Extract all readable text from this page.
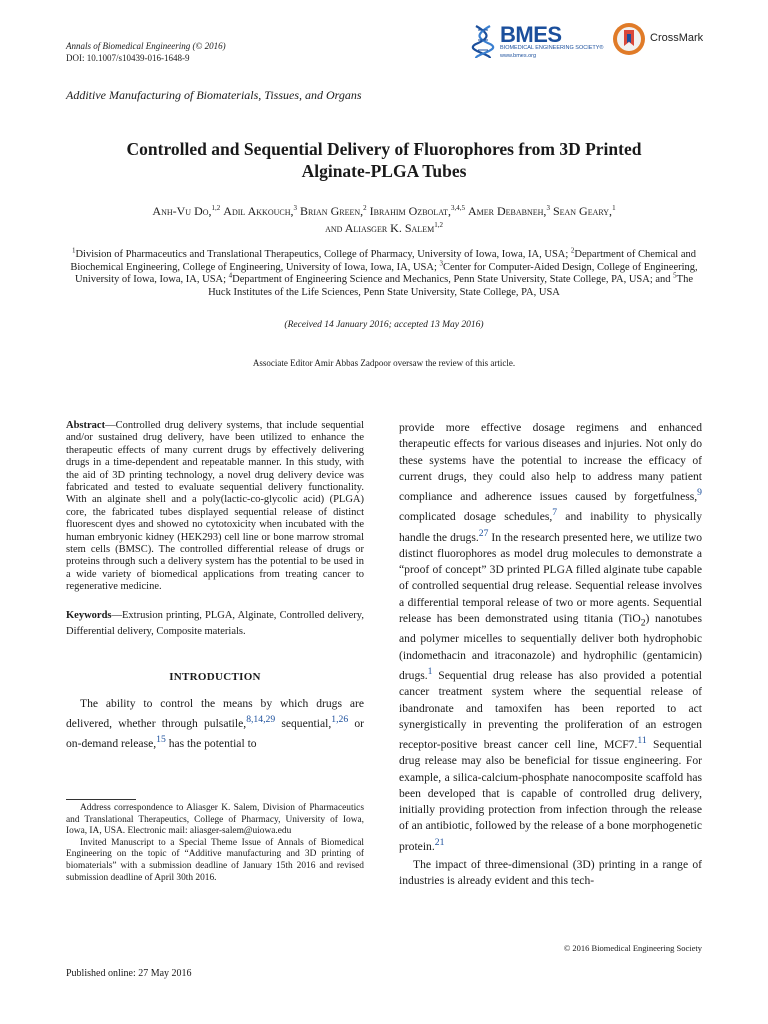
Annals of Biomedical Engineering (© 2016)
DOI: 10.1007/s10439-016-1648-9
BMES
BIOMEDICAL ENGINEERING SOCIETY®
www.bmes.org
CrossMark
Additive Manufacturing of Biomaterials, Tissues, and Organs
Controlled and Sequential Delivery of Fluorophores from 3D Printed
Alginate-PLGA Tubes
Anh-Vu Do,$^{1,2}$ Adil Akkouch,$^3$ Brian Green,$^2$ Ibrahim Ozbolat,$^{3,4,5}$ Amer Debabneh,$^3$ Sean Geary,$^1$
and Aliasger K. Salem$^{1,2}$
$^1$Division of Pharmaceutics and Translational Therapeutics, College of Pharmacy, University of Iowa, Iowa, IA, USA; $^2$Department of Chemical and Biochemical Engineering, College of Engineering, University of Iowa, Iowa, IA, USA; $^3$Center for Computer-Aided Design, College of Engineering, University of Iowa, Iowa, IA, USA; $^4$Department of Engineering Science and Mechanics, Penn State University, State College, PA, USA; and $^5$The Huck Institutes of the Life Sciences, Penn State University, State College, PA, USA
(Received 14 January 2016; accepted 13 May 2016)
Associate Editor Amir Abbas Zadpoor oversaw the review of this article.

Abstract—Controlled drug delivery systems, that include sequential and/or sustained drug delivery, have been utilized to enhance the therapeutic effects of many current drugs by effectively delivering drugs in a time-dependent and repeatable manner. In this study, with the aid of 3D printing technology, a novel drug delivery device was fabricated and tested to evaluate sequential delivery functionality. With an alginate shell and a poly(lactic-co-glycolic acid) (PLGA) core, the fabricated tubes displayed sequential release of distinct fluorescent dyes and showed no cytotoxicity when incubated with the human embryonic kidney (HEK293) cell line or bone marrow stromal stem cells (BMSC). The controlled differential release of drugs or proteins through such a delivery system has the potential to be used in a wide variety of biomedical applications from treating cancer to regenerative medicine.

Keywords—Extrusion printing, PLGA, Alginate, Controlled delivery, Differential delivery, Composite materials.

INTRODUCTION

The ability to control the means by which drugs are delivered, whether through pulsatile,$^{8,14,29}$ sequential,$^{1,26}$ or on-demand release,$^{15}$ has the potential to

provide more effective dosage regimens and enhanced therapeutic effects for various diseases and injuries. Not only do these systems have the potential to increase the efficacy of current drugs, they could also help to address many patient compliance and adherence issues caused by forgetfulness,$^9$ complicated dosage schedules,$^7$ and inability to physically handle the drugs.$^{27}$ In the research presented here, we utilize two distinct fluorophores as model drug molecules to demonstrate a “proof of concept” 3D printed PLGA filled alginate tube capable of controlled sequential drug release. Sequential release involves a differential temporal release of two or more agents. Sequential release has been demonstrated using titania (TiO$_2$) nanotubes and polymer micelles to sequentially deliver both hydrophobic (indomethacin and itraconazole) and hydrophilic (gentamicin) drugs.$^1$ Sequential drug release has also provided a potential cancer treatment system where the sequential release of ibandronate and tamoxifen has been reported to act synergistically in preventing the proliferation of an estrogen receptor-positive breast cancer cell line, MCF7.11 Sequential drug release may also be beneficial for tissue engineering. For example, a silica-calcium-phosphate nanocomposite scaffold has been developed that is capable of controlled drug delivery, initially providing protection from infection through the release of an antibiotic, followed by the release of a bone morphogenetic protein.$^{21}$

The impact of three-dimensional (3D) printing in a range of industries is already evident and this tech-

Address correspondence to Aliasger K. Salem, Division of Pharmaceutics and Translational Therapeutics, College of Pharmacy, University of Iowa, Iowa, IA, USA. Electronic mail: aliasger-salem@uiowa.edu

Invited Manuscript to a Special Theme Issue of Annals of Biomedical Engineering on the topic of “Additive manufacturing and 3D printing of biomaterials” with a submission deadline of January 15th 2016 and revised submission deadline of April 30th 2016.

© 2016 Biomedical Engineering Society
Published online: 27 May 2016
